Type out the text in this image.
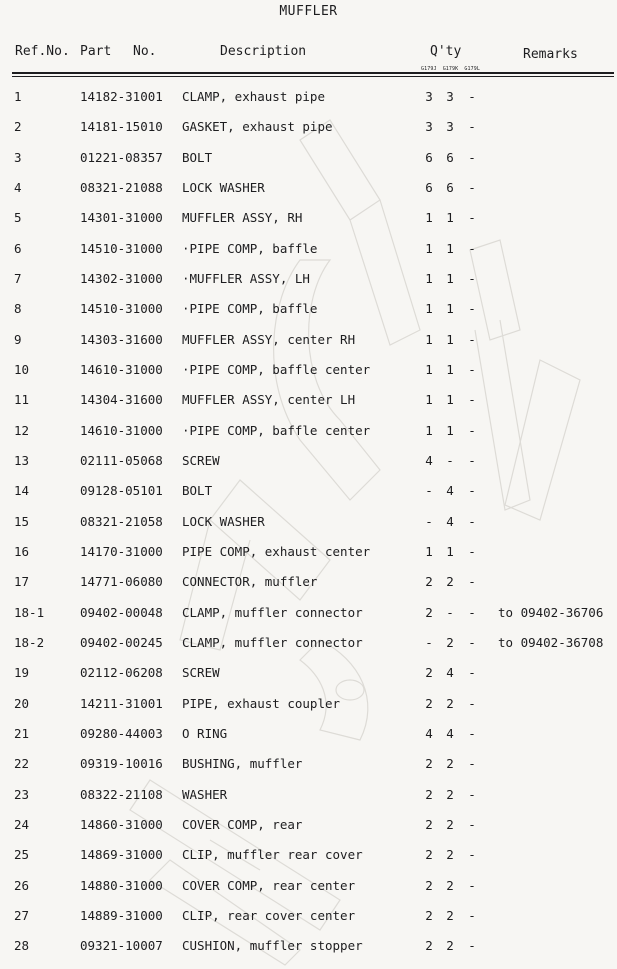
MUFFLER
Ref.No. Part No.	Description	Q'ty	Remarks
G179J G179K G179L
1	14182-31001 CLAMP, exhaust pipe	3 3 -
2	14181-15010 GASKET, exhaust pipe	3 3 -
3	01221-08357 BOLT	6 6 -
4	08321-21088 LOCK WASHER	6 6 -
5	14301-31000 MUFFLER ASSY, RH	1 1 -
6	14510-31000 ·PIPE COMP, baffle	1 1 -
7	14302-31000 ·MUFFLER ASSY, LH	1 1 -
8	14510-31000 ·PIPE COMP, baffle	1 1 -
9	14303-31600 MUFFLER ASSY, center RH	1 1 -
10	14610-31000 ·PIPE COMP, baffle center	1 1 -
11	14304-31600 MUFFLER ASSY, center LH	1 1 -
12	14610-31000 ·PIPE COMP, baffle center	1 1 -
13	02111-05068 SCREW	4 - -
14	09128-05101 BOLT	- 4 -
15	08321-21058 LOCK WASHER	- 4 -
16	14170-31000 PIPE COMP, exhaust center	1 1 -
17	14771-06080 CONNECTOR, muffler	2 2 -
18-1	09402-00048 CLAMP, muffler connector	2 - - to 09402-36706
18-2	09402-00245 CLAMP, muffler connector	- 2 - to 09402-36708
19	02112-06208 SCREW	2 4 -
20	14211-31001 PIPE, exhaust coupler	2 2 -
21	09280-44003 O RING	4 4 -
22	09319-10016 BUSHING, muffler	2 2 -
23	08322-21108 WASHER	2 2 -
24	14860-31000 COVER COMP, rear	2 2 -
25	14869-31000 CLIP, muffler rear cover	2 2 -
26	14880-31000 COVER COMP, rear center	2 2 -
27	14889-31000 CLIP, rear cover center	2 2 -
28	09321-10007 CUSHION, muffler stopper	2 2 -
